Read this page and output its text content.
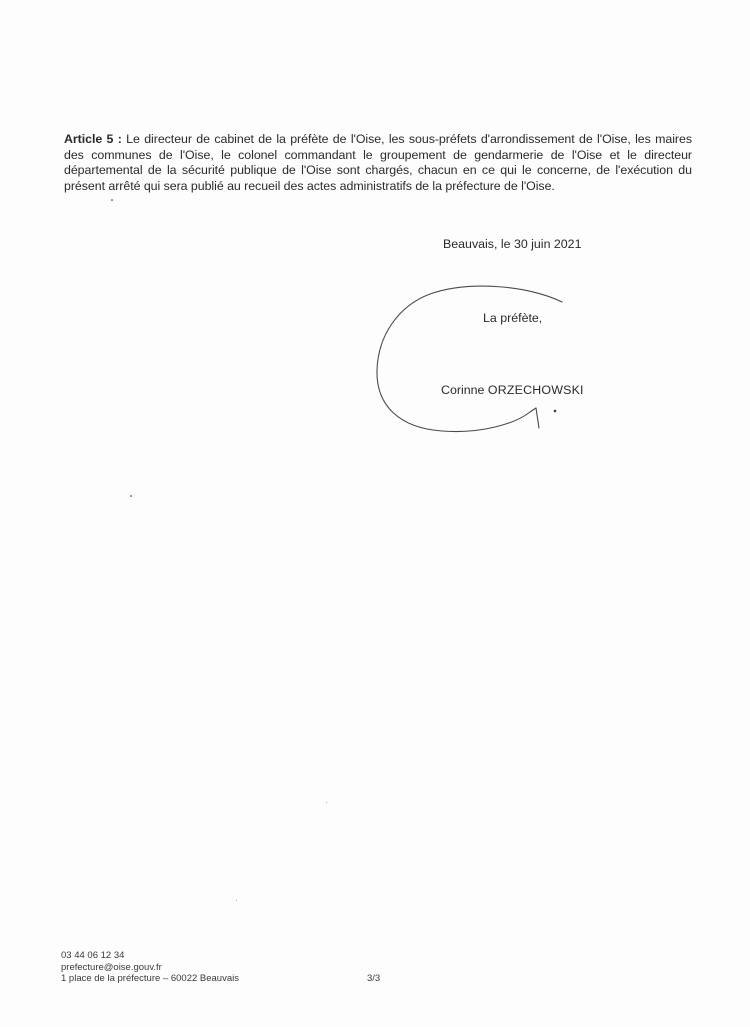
Article 5 : Le directeur de cabinet de la préfète de l'Oise, les sous-préfets d'arrondissement de l'Oise, les maires des communes de l'Oise, le colonel commandant le groupement de gendarmerie de l'Oise et le directeur départemental de la sécurité publique de l'Oise sont chargés, chacun en ce qui le concerne, de l'exécution du présent arrêté qui sera publié au recueil des actes administratifs de la préfecture de l'Oise.

Beauvais, le 30 juin 2021
La préfète,
Corinne ORZECHOWSKI
03 44 06 12 34
prefecture@oise.gouv.fr
1 place de la préfecture – 60022 Beauvais	3/3
